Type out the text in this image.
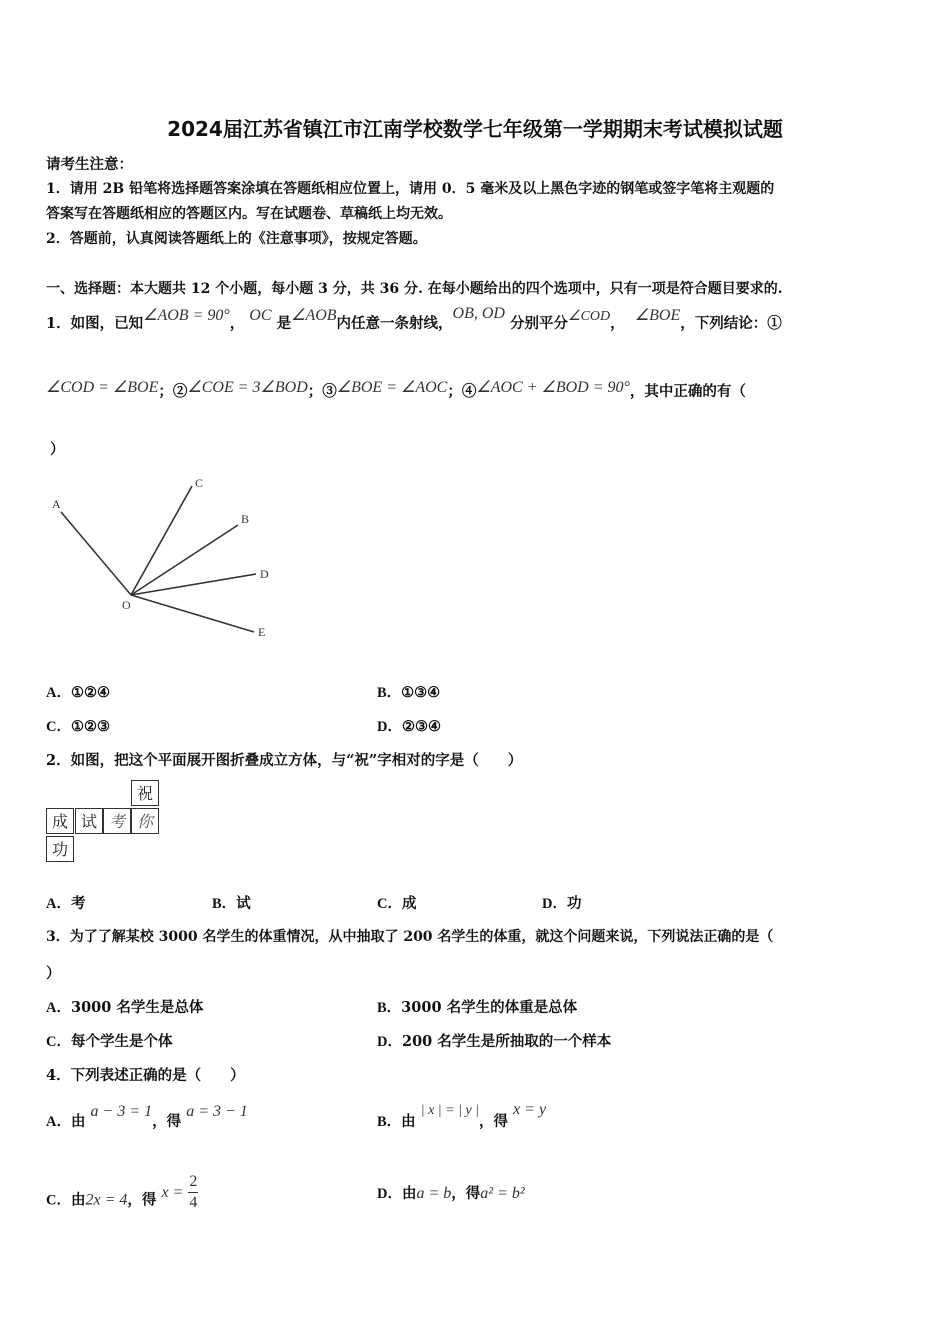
2024届江苏省镇江市江南学校数学七年级第一学期期末考试模拟试题
请考生注意：
1．请用 2B 铅笔将选择题答案涂填在答题纸相应位置上，请用 0．5 毫米及以上黑色字迹的钢笔或签字笔将主观题的
答案写在答题纸相应的答题区内。写在试题卷、草稿纸上均无效。
2．答题前，认真阅读答题纸上的《注意事项》，按规定答题。
一、选择题：本大题共 12 个小题，每小题 3 分，共 36 分. 在每小题给出的四个选项中，只有一项是符合题目要求的.
1．如图，已知∠AOB = 90°， OC 是∠AOB内任意一条射线，OB, OD 分别平分∠COD， ∠BOE，下列结论：①
∠COD = ∠BOE；②∠COE = 3∠BOD；③∠BOE = ∠AOC；④∠AOC + ∠BOD = 90°，其中正确的有（
）
A
C
B
D
E
O
A．①②④	B．①③④
C．①②③	D．②③④
2．如图，把这个平面展开图折叠成立方体，与“祝”字相对的字是（　　）
祝
成 试 考 你
功
A．考	B．试	C．成	D．功
3．为了了解某校 3000 名学生的体重情况，从中抽取了 200 名学生的体重，就这个问题来说，下列说法正确的是（
）
A．3000 名学生是总体	B．3000 名学生的体重是总体
C．每个学生是个体	D．200 名学生是所抽取的一个样本
4．下列表述正确的是（　　）
A．由 a − 3 = 1，得 a = 3 − 1
B．由 | x | = | y |，得 x = y
C．由2x = 4，得 $x = \frac{2}{4}$	D．由a = b，得a² = b²
